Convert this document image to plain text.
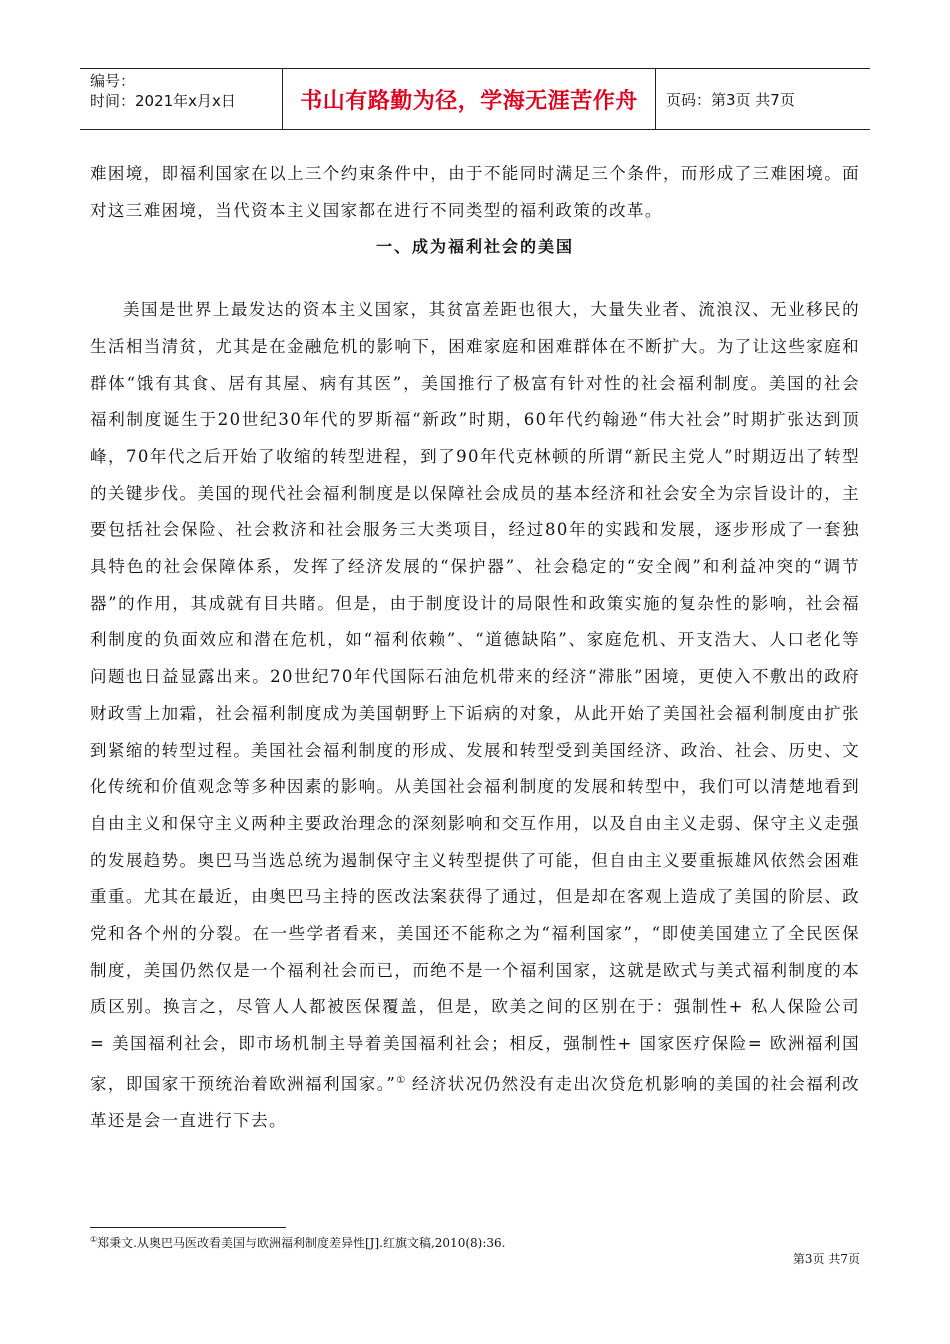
编号：
时间：2021年x月x日	书山有路勤为径，学海无涯苦作舟 页码：第3页 共7页

难困境，即福利国家在以上三个约束条件中，由于不能同时满足三个条件，而形成了三难困境。面对这三难困境，当代资本主义国家都在进行不同类型的福利政策的改革。

一、成为福利社会的美国

美国是世界上最发达的资本主义国家，其贫富差距也很大，大量失业者、流浪汉、无业移民的生活相当清贫，尤其是在金融危机的影响下，困难家庭和困难群体在不断扩大。为了让这些家庭和群体“饿有其食、居有其屋、病有其医”，美国推行了极富有针对性的社会福利制度。美国的社会福利制度诞生于20世纪30年代的罗斯福“新政”时期，60年代约翰逊“伟大社会”时期扩张达到顶峰，70年代之后开始了收缩的转型进程，到了90年代克林顿的所谓“新民主党人”时期迈出了转型的关键步伐。美国的现代社会福利制度是以保障社会成员的基本经济和社会安全为宗旨设计的，主要包括社会保险、社会救济和社会服务三大类项目，经过80年的实践和发展，逐步形成了一套独具特色的社会保障体系，发挥了经济发展的“保护器”、社会稳定的“安全阀”和利益冲突的“调节器”的作用，其成就有目共睹。但是，由于制度设计的局限性和政策实施的复杂性的影响，社会福利制度的负面效应和潜在危机，如“福利依赖”、“道德缺陷”、家庭危机、开支浩大、人口老化等问题也日益显露出来。20世纪70年代国际石油危机带来的经济“滞胀”困境，更使入不敷出的政府财政雪上加霜，社会福利制度成为美国朝野上下诟病的对象，从此开始了美国社会福利制度由扩张到紧缩的转型过程。美国社会福利制度的形成、发展和转型受到美国经济、政治、社会、历史、文化传统和价值观念等多种因素的影响。从美国社会福利制度的发展和转型中，我们可以清楚地看到自由主义和保守主义两种主要政治理念的深刻影响和交互作用，以及自由主义走弱、保守主义走强的发展趋势。奥巴马当选总统为遏制保守主义转型提供了可能，但自由主义要重振雄风依然会困难重重。尤其在最近，由奥巴马主持的医改法案获得了通过，但是却在客观上造成了美国的阶层、政党和各个州的分裂。在一些学者看来，美国还不能称之为“福利国家”，“即使美国建立了全民医保制度，美国仍然仅是一个福利社会而已，而绝不是一个福利国家，这就是欧式与美式福利制度的本质区别。换言之，尽管人人都被医保覆盖，但是，欧美之间的区别在于：强制性+ 私人保险公司= 美国福利社会，即市场机制主导着美国福利社会；相反，强制性+ 国家医疗保险= 欧洲福利国家，即国家干预统治着欧洲福利国家。”① 经济状况仍然没有走出次贷危机影响的美国的社会福利改革还是会一直进行下去。

①郑秉文.从奥巴马医改看美国与欧洲福利制度差异性[J].红旗文稿,2010(8):36.
第3页 共7页
